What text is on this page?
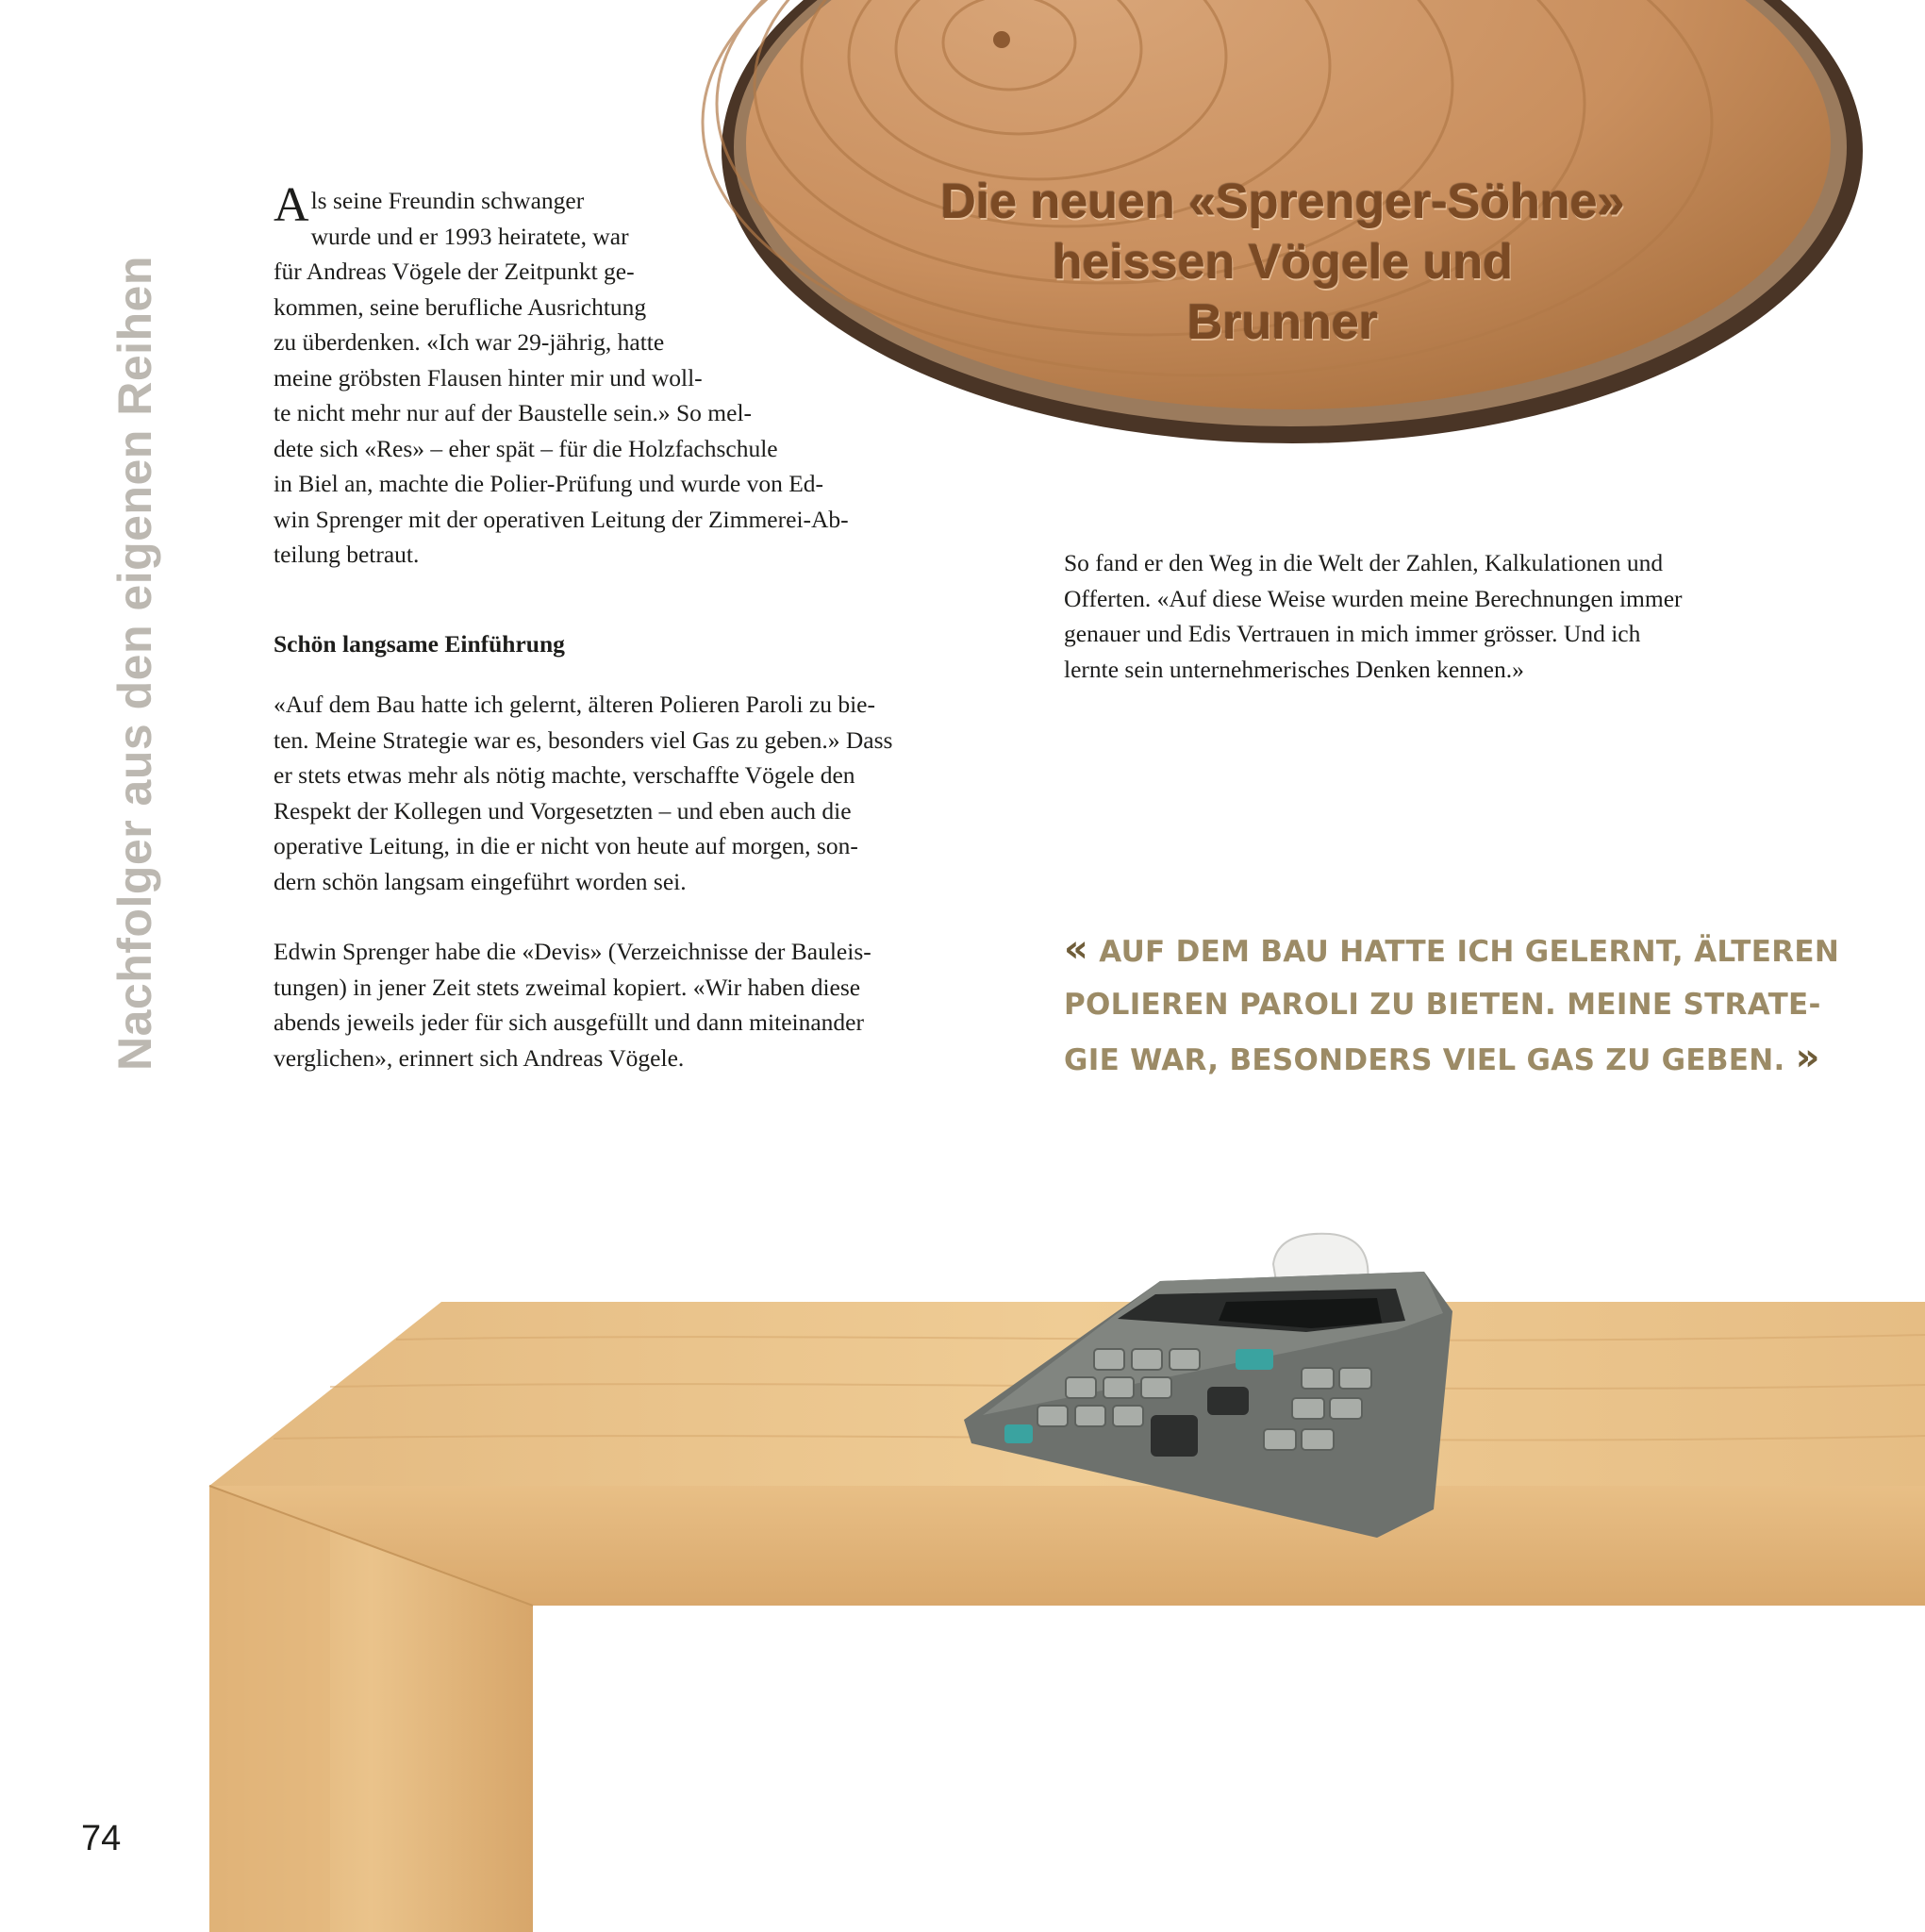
Die neuen «Sprenger-Söhne»
heissen Vögele und
Brunner
Nachfolger aus den eigenen Reihen
A ls seine Freundin schwanger
wurde und er 1993 heiratete, war
für Andreas Vögele der Zeitpunkt ge-
kommen, seine berufliche Ausrichtung
zu überdenken. «Ich war 29-jährig, hatte
meine gröbsten Flausen hinter mir und woll-
te nicht mehr nur auf der Baustelle sein.» So mel-
dete sich «Res» – eher spät – für die Holzfachschule
in Biel an, machte die Polier-Prüfung und wurde von Ed-
win Sprenger mit der operativen Leitung der Zimmerei-Ab-
teilung betraut.
Schön langsame Einführung
«Auf dem Bau hatte ich gelernt, älteren Polieren Paroli zu bie-
ten. Meine Strategie war es, besonders viel Gas zu geben.» Dass
er stets etwas mehr als nötig machte, verschaffte Vögele den
Respekt der Kollegen und Vorgesetzten – und eben auch die
operative Leitung, in die er nicht von heute auf morgen, son-
dern schön langsam eingeführt worden sei.
Edwin Sprenger habe die «Devis» (Verzeichnisse der Bauleis-
tungen) in jener Zeit stets zweimal kopiert. «Wir haben diese
abends jeweils jeder für sich ausgefüllt und dann miteinander
verglichen», erinnert sich Andreas Vögele.
So fand er den Weg in die Welt der Zahlen, Kalkulationen und
Offerten. «Auf diese Weise wurden meine Berechnungen immer
genauer und Edis Vertrauen in mich immer grösser. Und ich
lernte sein unternehmerisches Denken kennen.»
« AUF DEM BAU HATTE ICH GELERNT, ÄLTEREN
POLIEREN PAROLI ZU BIETEN. MEINE STRATE-
GIE WAR, BESONDERS VIEL GAS ZU GEBEN. »
74
